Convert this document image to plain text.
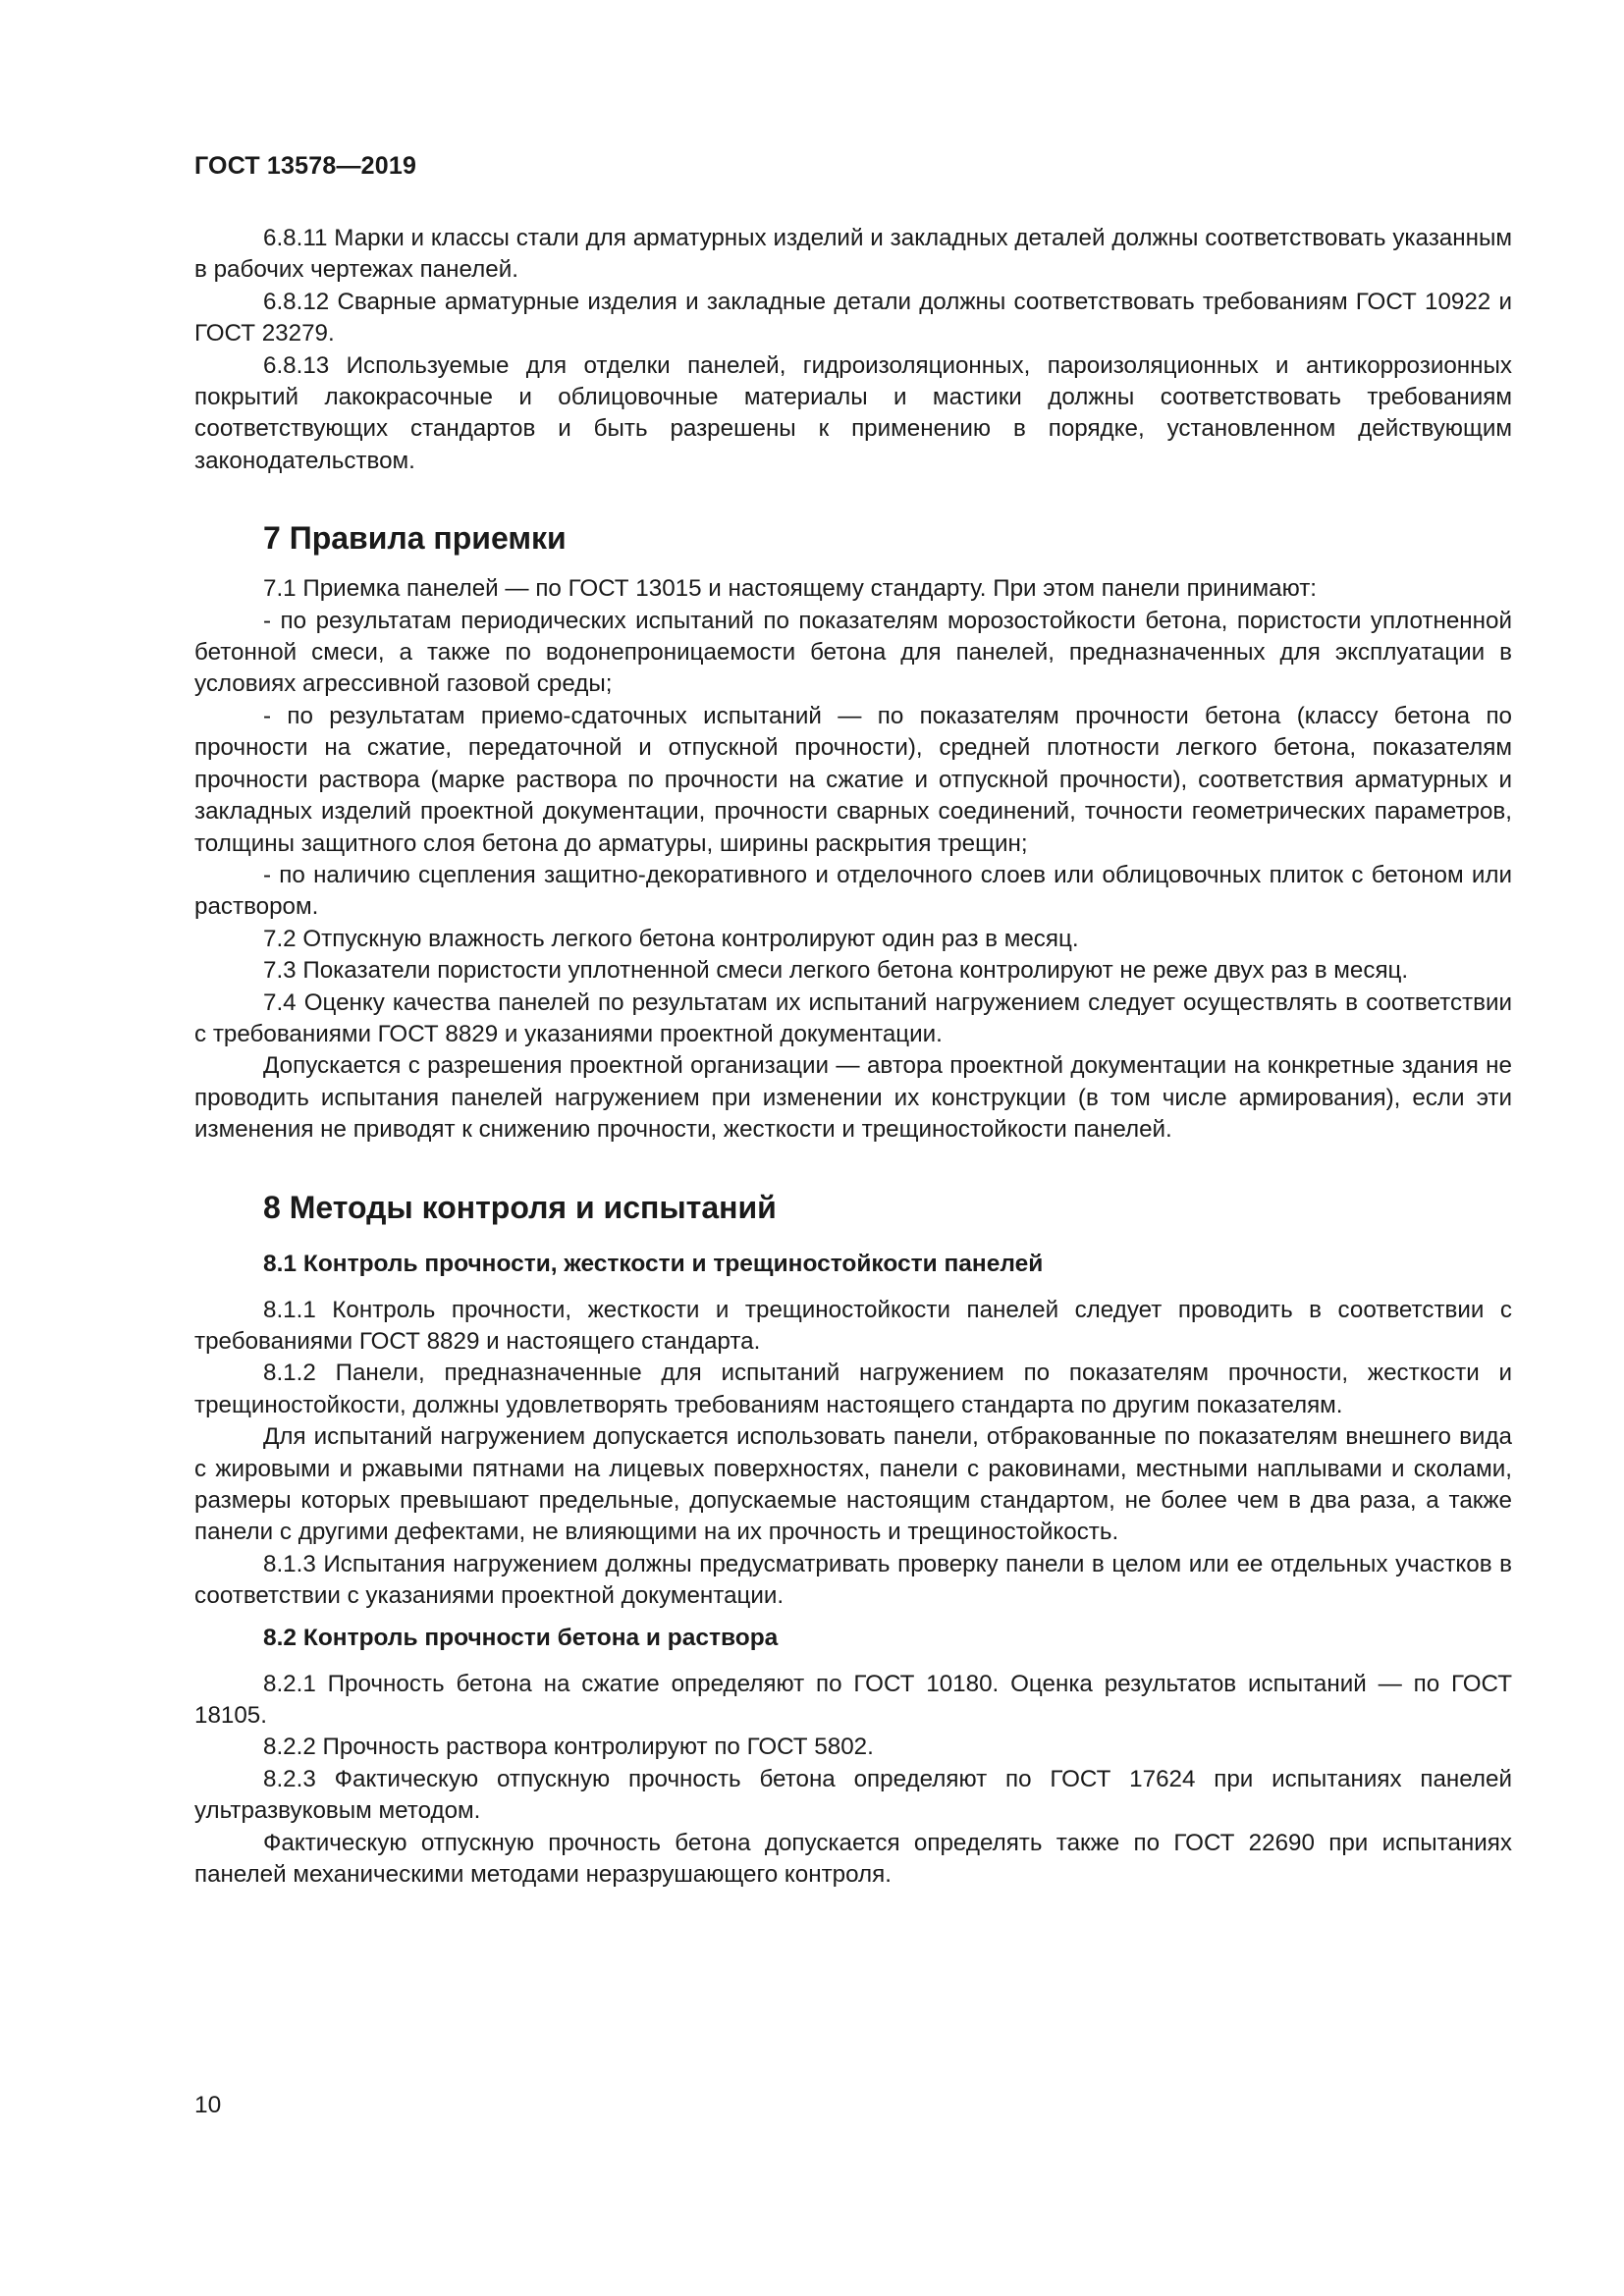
ГОСТ 13578—2019

6.8.11 Марки и классы стали для арматурных изделий и закладных деталей должны соответствовать указанным в рабочих чертежах панелей.

6.8.12 Сварные арматурные изделия и закладные детали должны соответствовать требованиям ГОСТ 10922 и ГОСТ 23279.

6.8.13 Используемые для отделки панелей, гидроизоляционных, пароизоляционных и антикоррозионных покрытий лакокрасочные и облицовочные материалы и мастики должны соответствовать требованиям соответствующих стандартов и быть разрешены к применению в порядке, установленном действующим законодательством.

7 Правила приемки

7.1 Приемка панелей — по ГОСТ 13015 и настоящему стандарту. При этом панели принимают:

- по результатам периодических испытаний по показателям морозостойкости бетона, пористости уплотненной бетонной смеси, а также по водонепроницаемости бетона для панелей, предназначенных для эксплуатации в условиях агрессивной газовой среды;

- по результатам приемо-сдаточных испытаний — по показателям прочности бетона (классу бетона по прочности на сжатие, передаточной и отпускной прочности), средней плотности легкого бетона, показателям прочности раствора (марке раствора по прочности на сжатие и отпускной прочности), соответствия арматурных и закладных изделий проектной документации, прочности сварных соединений, точности геометрических параметров, толщины защитного слоя бетона до арматуры, ширины раскрытия трещин;

- по наличию сцепления защитно-декоративного и отделочного слоев или облицовочных плиток с бетоном или раствором.

7.2 Отпускную влажность легкого бетона контролируют один раз в месяц.

7.3 Показатели пористости уплотненной смеси легкого бетона контролируют не реже двух раз в месяц.

7.4 Оценку качества панелей по результатам их испытаний нагружением следует осуществлять в соответствии с требованиями ГОСТ 8829 и указаниями проектной документации.

Допускается с разрешения проектной организации — автора проектной документации на конкретные здания не проводить испытания панелей нагружением при изменении их конструкции (в том числе армирования), если эти изменения не приводят к снижению прочности, жесткости и трещиностойкости панелей.

8 Методы контроля и испытаний
8.1 Контроль прочности, жесткости и трещиностойкости панелей

8.1.1 Контроль прочности, жесткости и трещиностойкости панелей следует проводить в соответствии с требованиями ГОСТ 8829 и настоящего стандарта.

8.1.2 Панели, предназначенные для испытаний нагружением по показателям прочности, жесткости и трещиностойкости, должны удовлетворять требованиям настоящего стандарта по другим показателям.

Для испытаний нагружением допускается использовать панели, отбракованные по показателям внешнего вида с жировыми и ржавыми пятнами на лицевых поверхностях, панели с раковинами, местными наплывами и сколами, размеры которых превышают предельные, допускаемые настоящим стандартом, не более чем в два раза, а также панели с другими дефектами, не влияющими на их прочность и трещиностойкость.

8.1.3 Испытания нагружением должны предусматривать проверку панели в целом или ее отдельных участков в соответствии с указаниями проектной документации.

8.2 Контроль прочности бетона и раствора

8.2.1 Прочность бетона на сжатие определяют по ГОСТ 10180. Оценка результатов испытаний — по ГОСТ 18105.

8.2.2 Прочность раствора контролируют по ГОСТ 5802.

8.2.3 Фактическую отпускную прочность бетона определяют по ГОСТ 17624 при испытаниях панелей ультразвуковым методом.

Фактическую отпускную прочность бетона допускается определять также по ГОСТ 22690 при испытаниях панелей механическими методами неразрушающего контроля.

10
